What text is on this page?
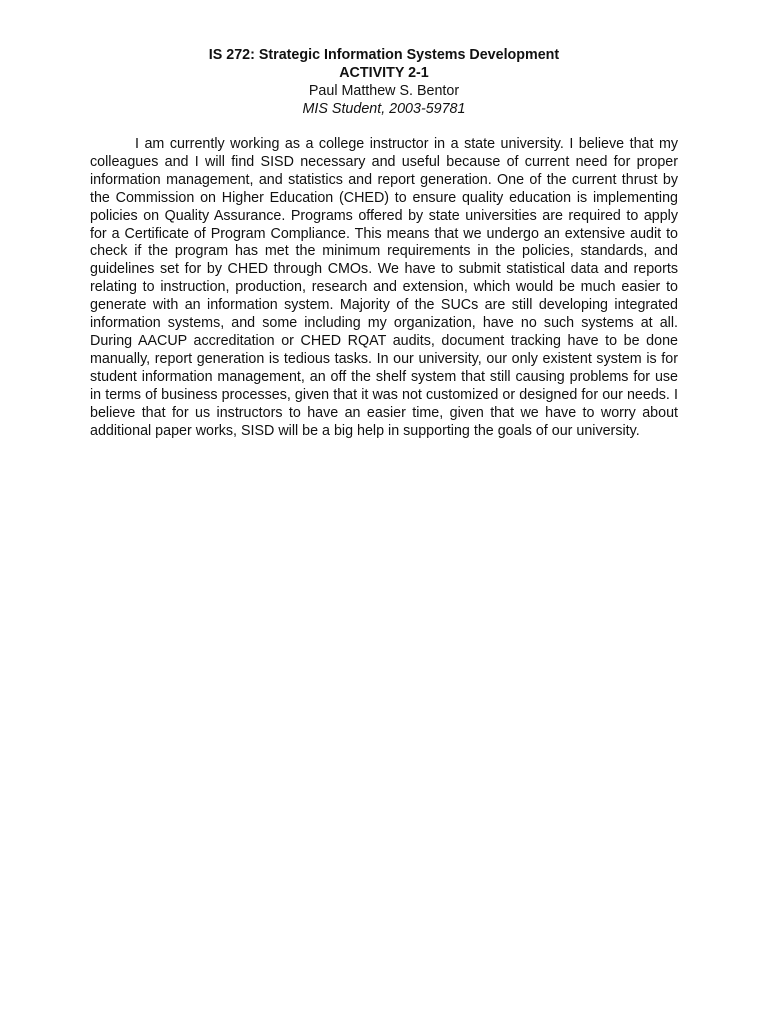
IS 272: Strategic Information Systems Development
ACTIVITY 2-1
Paul Matthew S. Bentor
MIS Student, 2003-59781

I am currently working as a college instructor in a state university. I believe that my colleagues and I will find SISD necessary and useful because of current need for proper information management, and statistics and report generation. One of the current thrust by the Commission on Higher Education (CHED) to ensure quality education is implementing policies on Quality Assurance. Programs offered by state universities are required to apply for a Certificate of Program Compliance. This means that we undergo an extensive audit to check if the program has met the minimum requirements in the policies, standards, and guidelines set for by CHED through CMOs. We have to submit statistical data and reports relating to instruction, production, research and extension, which would be much easier to generate with an information system. Majority of the SUCs are still developing integrated information systems, and some including my organization, have no such systems at all. During AACUP accreditation or CHED RQAT audits, document tracking have to be done manually, report generation is tedious tasks. In our university, our only existent system is for student information management, an off the shelf system that still causing problems for use in terms of business processes, given that it was not customized or designed for our needs. I believe that for us instructors to have an easier time, given that we have to worry about additional paper works, SISD will be a big help in supporting the goals of our university.
